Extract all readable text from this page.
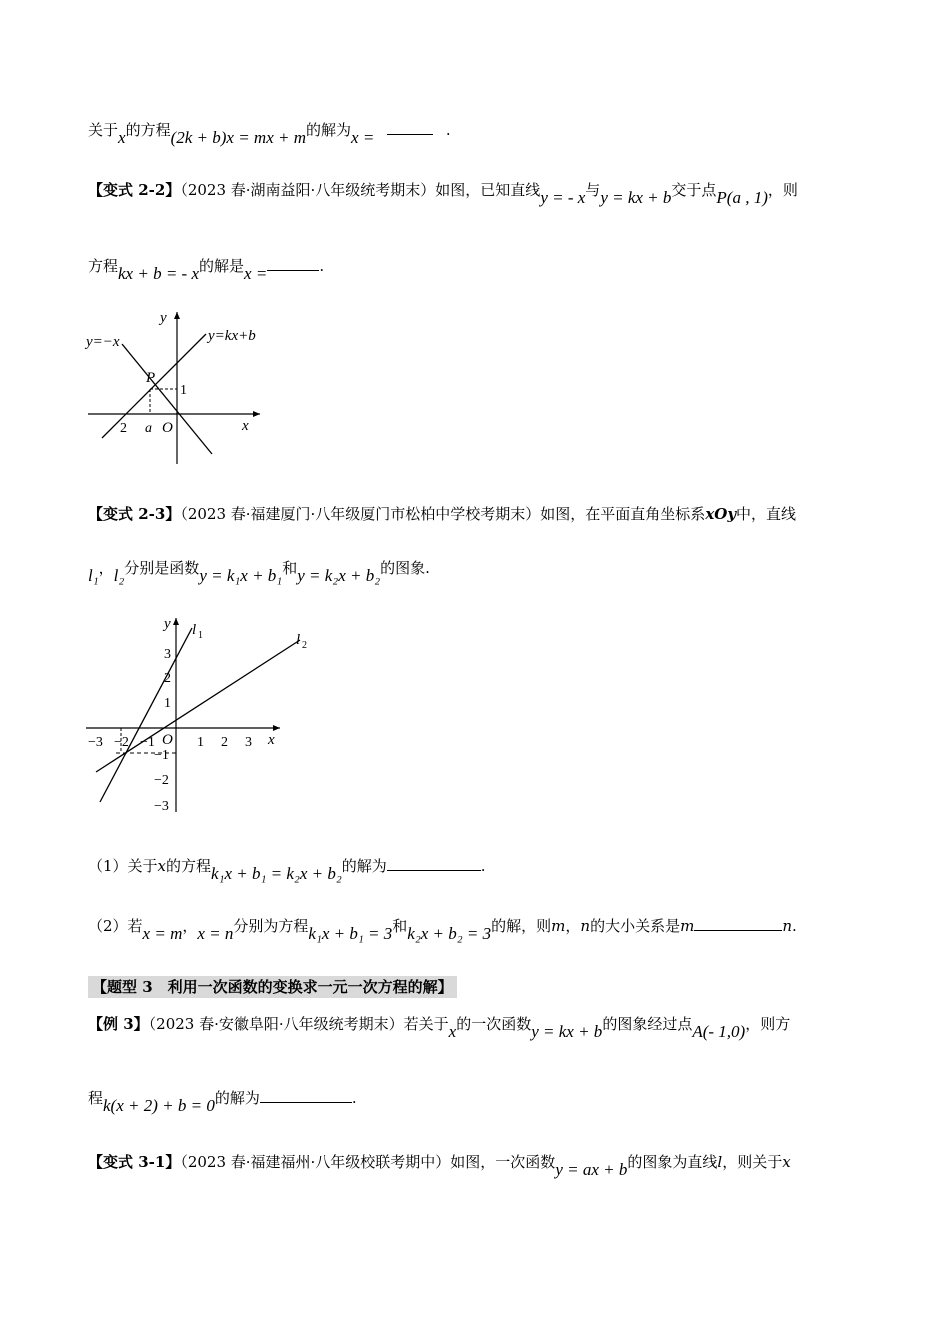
关于x的方程(2k + b)x = mx + m的解为x =	.
【变式 2-2】（2023 春·湖南益阳·八年级统考期末）如图，已知直线y = - x与y = kx + b交于点P(a , 1)，则
方程kx + b = - x的解是x =	.
y=−x	y=kx+b
y
x
P
1
2 a O
【变式 2-3】（2023 春·福建厦门·八年级厦门市松柏中学校考期末）如图，在平面直角坐标系xOy中，直线
l₁，l₂分别是函数y = k₁x + b₁和y = k₂x + b₂的图象.
y
x
l 1	l 2
O
−3 −2 −1	1 2 3
3
2
1
−1
−2
−3
（1）关于x的方程k₁x + b₁ = k₂x + b₂的解为	.
（2）若x = m，x = n分别为方程k₁x + b₁ = 3和k₂x + b₂ = 3的解，则m，n的大小关系是m	n.
【题型 3　利用一次函数的变换求一元一次方程的解】
【例 3】（2023 春·安徽阜阳·八年级统考期末）若关于x的一次函数y = kx + b的图象经过点A(- 1,0)，则方
程k(x + 2) + b = 0的解为	.
【变式 3-1】（2023 春·福建福州·八年级校联考期中）如图，一次函数y = ax + b的图象为直线l，则关于x
